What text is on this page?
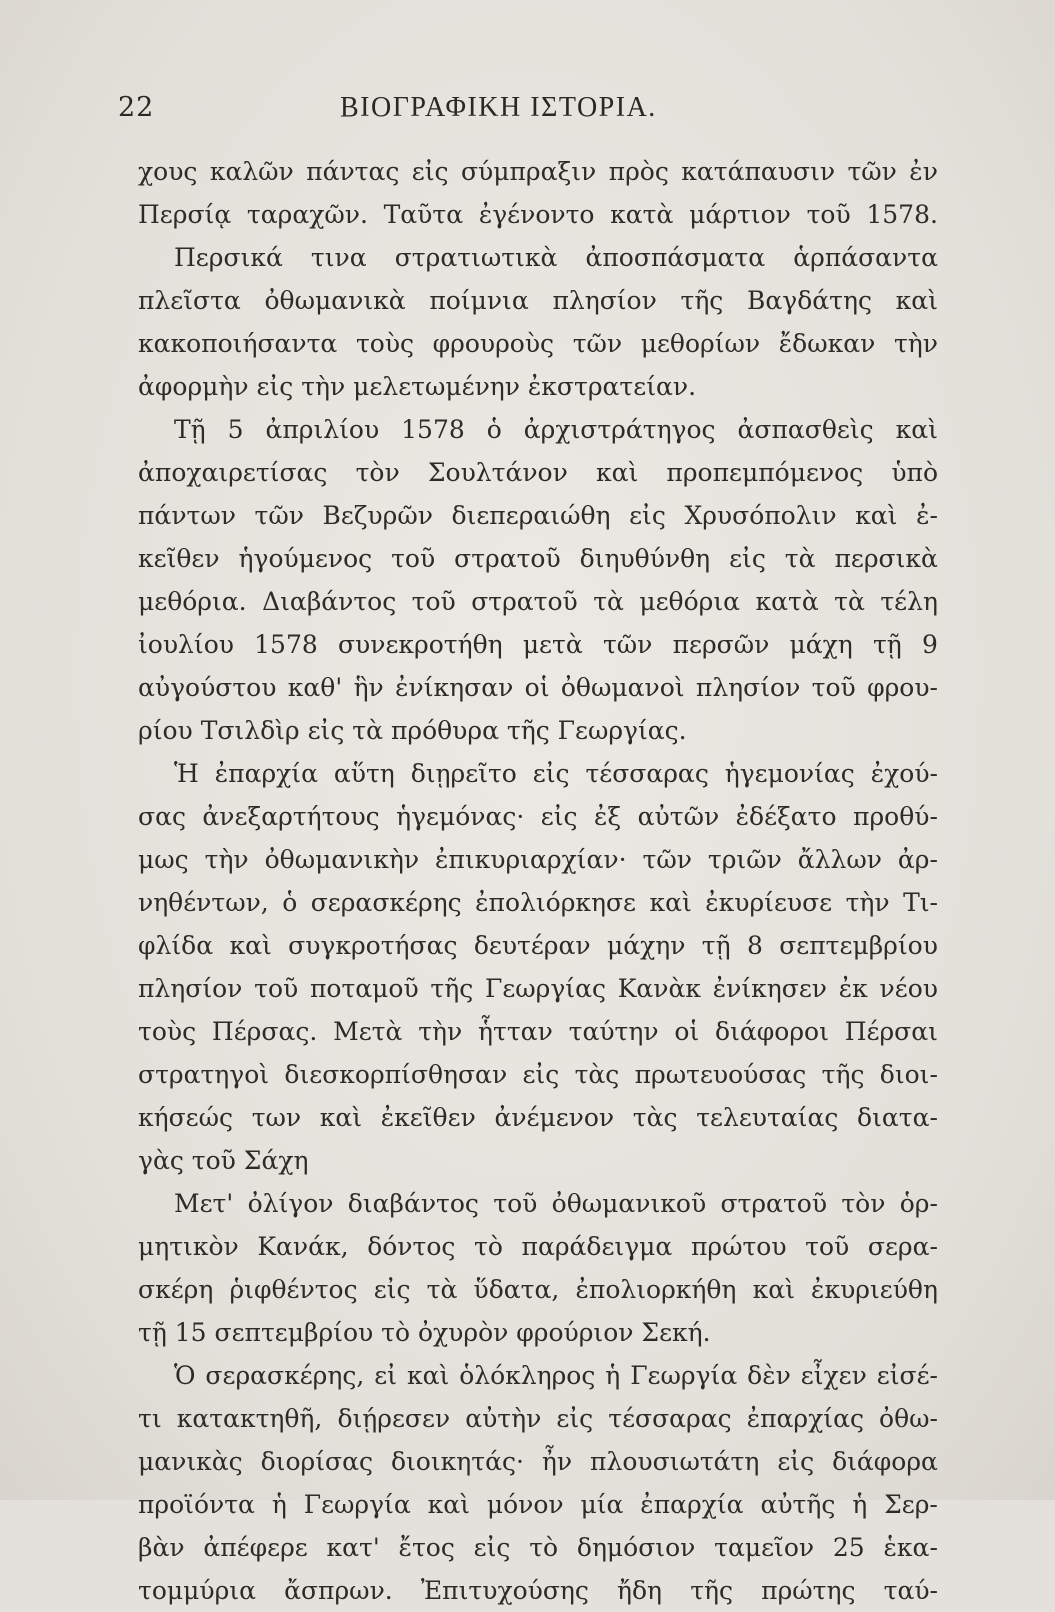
22	ΒΙΟΓΡΑΦΙΚΗ ΙΣΤΟΡΙΑ.
χους καλῶν πάντας εἰς σύμπραξιν πρὸς κατάπαυσιν τῶν ἐν
Περσίᾳ ταραχῶν. Ταῦτα ἐγένοντο κατὰ μάρτιον τοῦ 1578.
Περσικά τινα στρατιωτικὰ ἀποσπάσματα ἁρπάσαντα
πλεῖστα ὀθωμανικὰ ποίμνια πλησίον τῆς Βαγδάτης καὶ
κακοποιήσαντα τοὺς φρουροὺς τῶν μεθορίων ἔδωκαν τὴν
ἀφορμὴν εἰς τὴν μελετωμένην ἐκστρατείαν.
Τῇ 5 ἀπριλίου 1578 ὁ ἀρχιστράτηγος ἀσπασθεὶς καὶ
ἀποχαιρετίσας τὸν Σουλτάνον καὶ προπεμπόμενος ὑπὸ
πάντων τῶν Βεζυρῶν διεπεραιώθη εἰς Χρυσόπολιν καὶ ἐ-
κεῖθεν ἡγούμενος τοῦ στρατοῦ διηυθύνθη εἰς τὰ περσικὰ
μεθόρια. Διαβάντος τοῦ στρατοῦ τὰ μεθόρια κατὰ τὰ τέλη
ἰουλίου 1578 συνεκροτήθη μετὰ τῶν περσῶν μάχη τῇ 9
αὐγούστου καθ' ἣν ἐνίκησαν οἱ ὀθωμανοὶ πλησίον τοῦ φρου-
ρίου Τσιλδὶρ εἰς τὰ πρόθυρα τῆς Γεωργίας.
Ἡ ἐπαρχία αὕτη διῃρεῖτο εἰς τέσσαρας ἡγεμονίας ἐχού-
σας ἀνεξαρτήτους ἡγεμόνας· εἰς ἐξ αὐτῶν ἐδέξατο προθύ-
μως τὴν ὀθωμανικὴν ἐπικυριαρχίαν· τῶν τριῶν ἄλλων ἀρ-
νηθέντων, ὁ σερασκέρης ἐπολιόρκησε καὶ ἐκυρίευσε τὴν Τι-
φλίδα καὶ συγκροτήσας δευτέραν μάχην τῇ 8 σεπτεμβρίου
πλησίον τοῦ ποταμοῦ τῆς Γεωργίας Κανὰκ ἐνίκησεν ἐκ νέου
τοὺς Πέρσας. Μετὰ τὴν ἧτταν ταύτην οἱ διάφοροι Πέρσαι
στρατηγοὶ διεσκορπίσθησαν εἰς τὰς πρωτευούσας τῆς διοι-
κήσεώς των καὶ ἐκεῖθεν ἀνέμενον τὰς τελευταίας διατα-
γὰς τοῦ Σάχη
Μετ' ὀλίγον διαβάντος τοῦ ὀθωμανικοῦ στρατοῦ τὸν ὁρ-
μητικὸν Κανάκ, δόντος τὸ παράδειγμα πρώτου τοῦ σερα-
σκέρη ῥιφθέντος εἰς τὰ ὕδατα, ἐπολιορκήθη καὶ ἐκυριεύθη
τῇ 15 σεπτεμβρίου τὸ ὀχυρὸν φρούριον Σεκή.
Ὁ σερασκέρης, εἰ καὶ ὁλόκληρος ἡ Γεωργία δὲν εἶχεν εἰσέ-
τι κατακτηθῆ, διῄρεσεν αὐτὴν εἰς τέσσαρας ἐπαρχίας ὀθω-
μανικὰς διορίσας διοικητάς· ἦν πλουσιωτάτη εἰς διάφορα
προϊόντα ἡ Γεωργία καὶ μόνον μία ἐπαρχία αὐτῆς ἡ Σερ-
βὰν ἀπέφερε κατ' ἔτος εἰς τὸ δημόσιον ταμεῖον 25 ἑκα-
τομμύρια ἄσπρων. Ἐπιτυχούσης ἤδη τῆς πρώτης ταύ-
